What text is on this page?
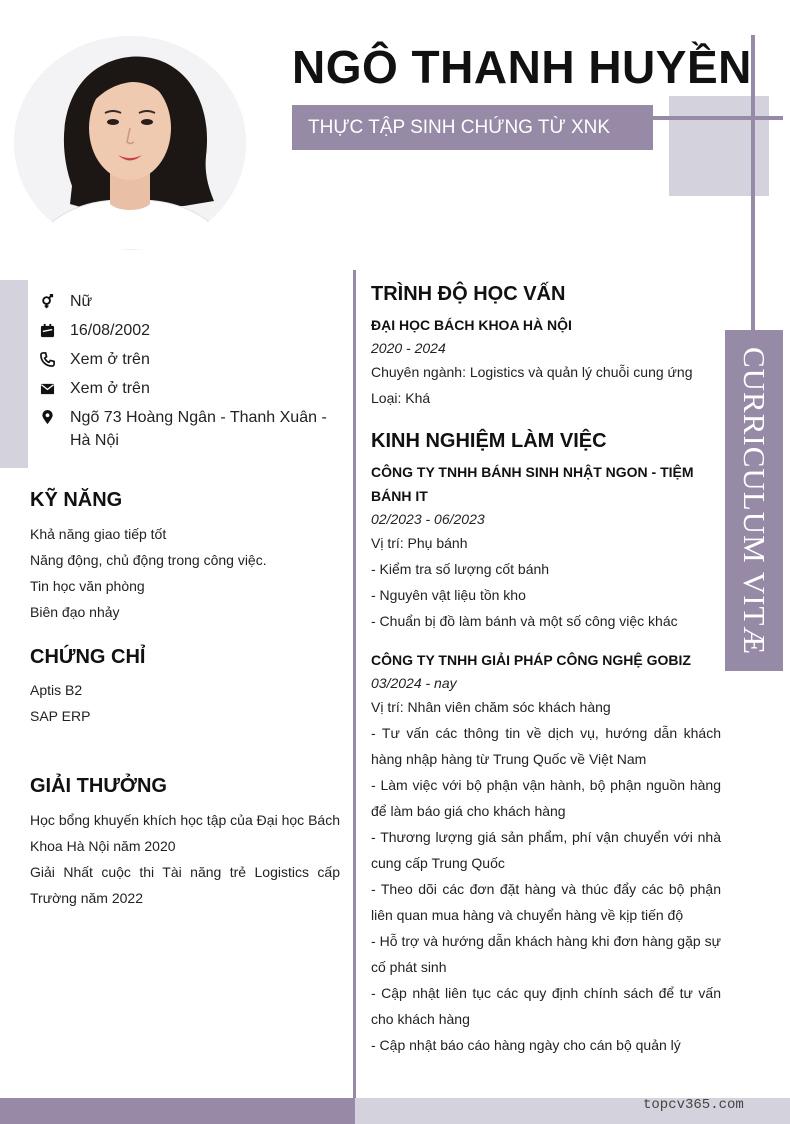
NGÔ THANH HUYỀN
THỰC TẬP SINH CHỨNG TỪ XNK
CURRICULUM VITÆ
Nữ
16/08/2002
Xem ở trên
Xem ở trên
Ngõ 73 Hoàng Ngân - Thanh Xuân -
Hà Nội
KỸ NĂNG
Khả năng giao tiếp tốt
Năng động, chủ động trong công việc.
Tin học văn phòng
Biên đạo nhảy
CHỨNG CHỈ
Aptis B2
SAP ERP
GIẢI THƯỞNG
Học bổng khuyến khích học tập của Đại học Bách Khoa Hà Nội năm 2020
Giải Nhất cuộc thi Tài năng trẻ Logistics cấp Trường năm 2022
TRÌNH ĐỘ HỌC VẤN
ĐẠI HỌC BÁCH KHOA HÀ NỘI
2020 - 2024
Chuyên ngành: Logistics và quản lý chuỗi cung ứng
Loại: Khá
KINH NGHIỆM LÀM VIỆC
CÔNG TY TNHH BÁNH SINH NHẬT NGON - TIỆM BÁNH IT
02/2023 - 06/2023
Vị trí: Phụ bánh
- Kiểm tra số lượng cốt bánh
- Nguyên vật liệu tồn kho
- Chuẩn bị đồ làm bánh và một số công việc khác
CÔNG TY TNHH GIẢI PHÁP CÔNG NGHỆ GOBIZ
03/2024 - nay
Vị trí: Nhân viên chăm sóc khách hàng
- Tư vấn các thông tin về dịch vụ, hướng dẫn khách hàng nhập hàng từ Trung Quốc về Việt Nam
- Làm việc với bộ phận vận hành, bộ phận nguồn hàng để làm báo giá cho khách hàng
- Thương lượng giá sản phẩm, phí vận chuyển với nhà cung cấp Trung Quốc
- Theo dõi các đơn đặt hàng và thúc đẩy các bộ phận liên quan mua hàng và chuyển hàng về kịp tiến độ
- Hỗ trợ và hướng dẫn khách hàng khi đơn hàng gặp sự cố phát sinh
- Cập nhật liên tục các quy định chính sách để tư vấn cho khách hàng
- Cập nhật báo cáo hàng ngày cho cán bộ quản lý
topcv365.com
